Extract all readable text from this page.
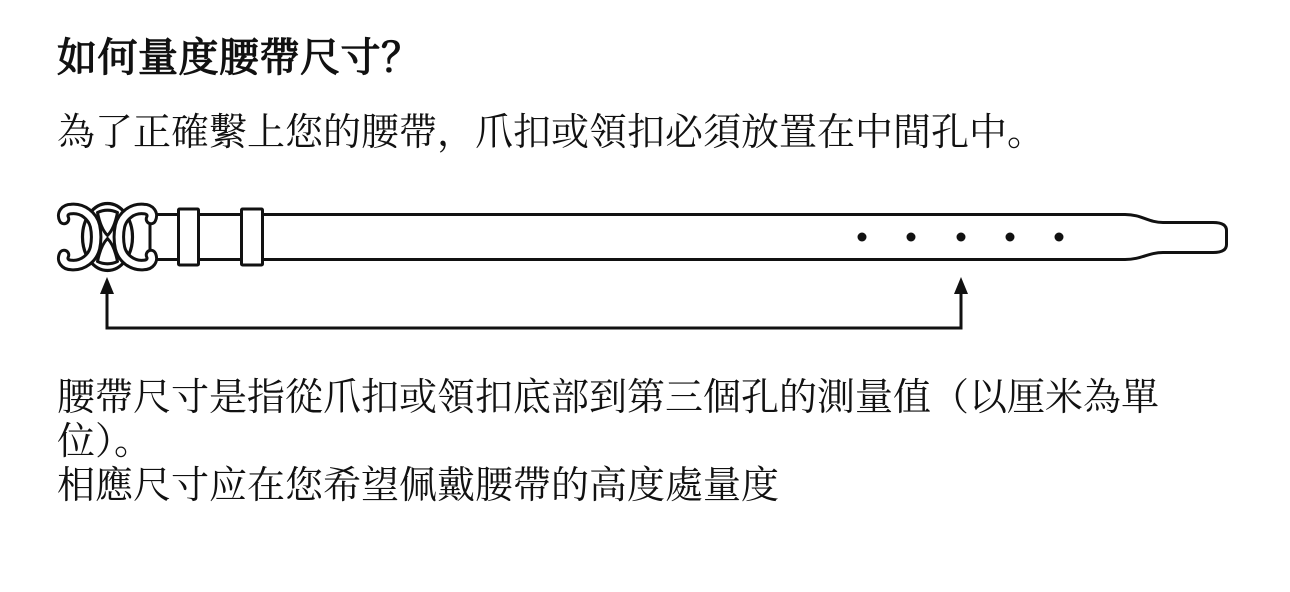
如何量度腰帶尺寸？

為了正確繫上您的腰帶，爪扣或領扣必須放置在中間孔中。

腰帶尺寸是指從爪扣或領扣底部到第三個孔的測量值（以厘米為單
位）。
相應尺寸应在您希望佩戴腰帶的高度處量度
